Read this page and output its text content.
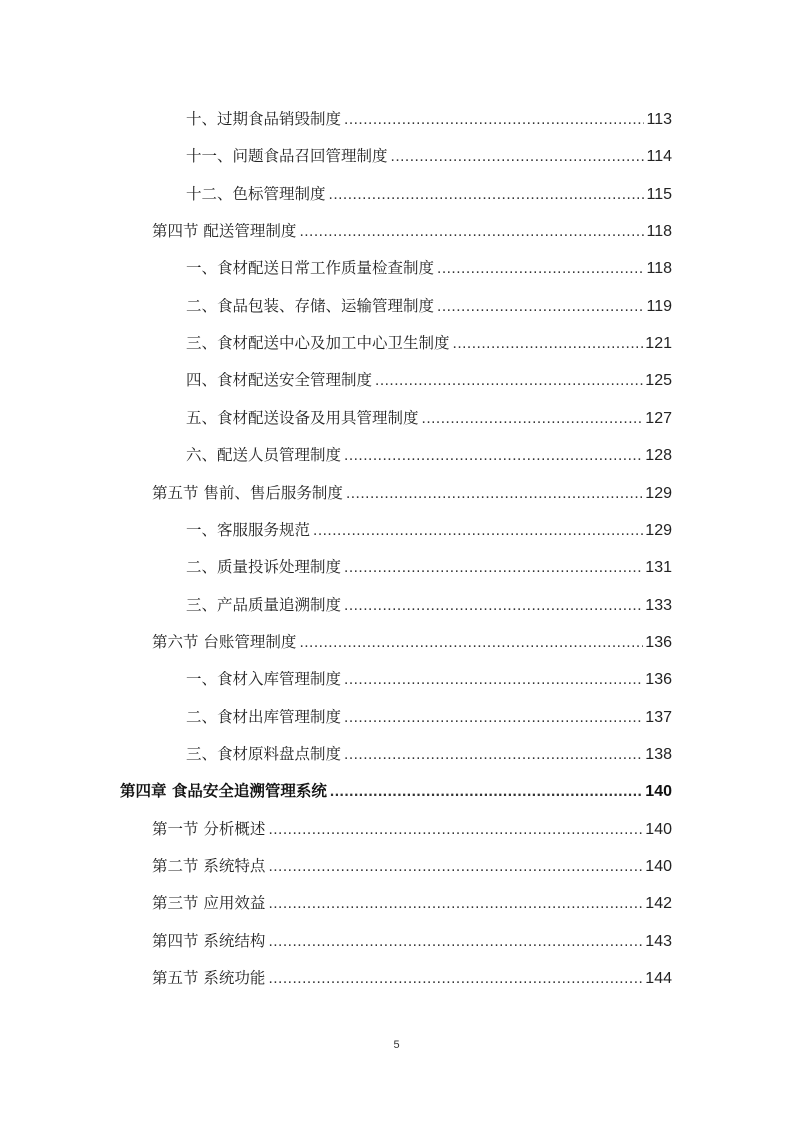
十、过期食品销毁制度 .....	113
十一、问题食品召回管理制度 .....	114
十二、色标管理制度 .....	115
第四节 配送管理制度 .....	118
一、食材配送日常工作质量检查制度 .....	118
二、食品包装、存储、运输管理制度 .....	119
三、食材配送中心及加工中心卫生制度 .....	121
四、食材配送安全管理制度 .....	125
五、食材配送设备及用具管理制度 .....	127
六、配送人员管理制度 .....	128
第五节 售前、售后服务制度 .....	129
一、客服服务规范 .....	129
二、质量投诉处理制度 .....	131
三、产品质量追溯制度 .....	133
第六节 台账管理制度 .....	136
一、食材入库管理制度 .....	136
二、食材出库管理制度 .....	137
三、食材原料盘点制度 .....	138
第四章 食品安全追溯管理系统 .....	140
第一节 分析概述 .....	140
第二节 系统特点 .....	140
第三节 应用效益 .....	142
第四节 系统结构 .....	143
第五节 系统功能 .....	144
5
